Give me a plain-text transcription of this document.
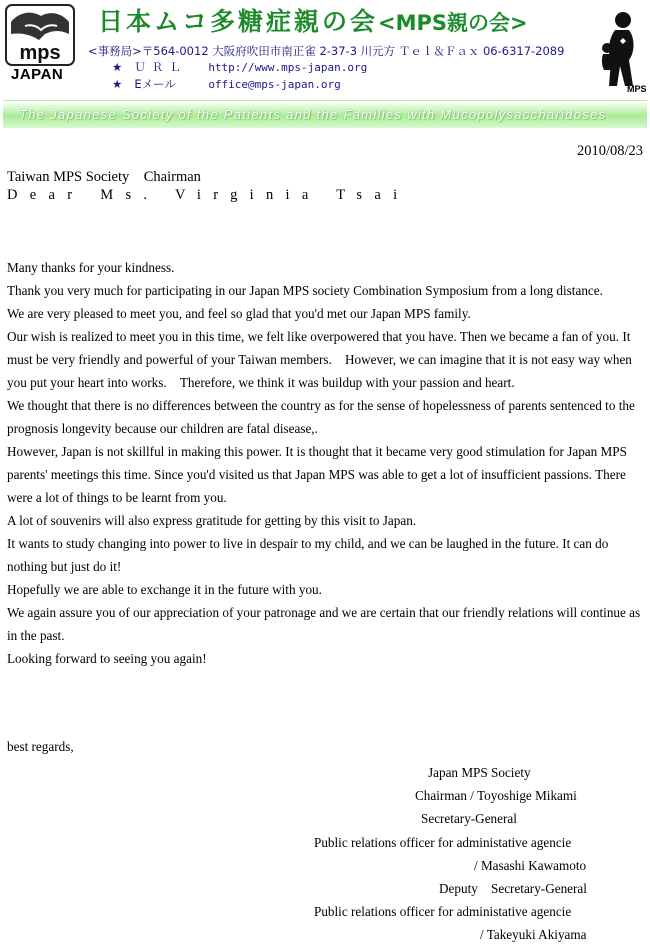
mps
JAPAN
日本ムコ多糖症親の会<MPS親の会>
<事務局>〒564-0012 大阪府吹田市南正雀 2-37-3 川元方 Ｔｅｌ＆Ｆａｘ 06-6317-2089
★ ＵＲＬ http://www.mps-japan.org
★ Eメール	office@mps-japan.org	MPS
The Japanese Society of the Patients and the Families with Mucopolysaccharidoses
2010/08/23
Taiwan MPS Society　Chairman
Dear Ms. Virginia Tsai

Many thanks for your kindness.

Thank you very much for participating in our Japan MPS society Combination Symposium from a long distance.

We are very pleased to meet you, and feel so glad that you'd met our Japan MPS family.

Our wish is realized to meet you in this time, we felt like overpowered that you have. Then we became a fan of you. It must be very friendly and powerful of your Taiwan members.　However, we can imagine that it is not easy way when you put your heart into works.　Therefore, we think it was buildup with your passion and heart.

We thought that there is no differences between the country as for the sense of hopelessness of parents sentenced to the prognosis longevity because our children are fatal disease,.

However, Japan is not skillful in making this power. It is thought that it became very good stimulation for Japan MPS parents' meetings this time. Since you'd visited us that Japan MPS was able to get a lot of insufficient passions. There were a lot of things to be learnt from you.

A lot of souvenirs will also express gratitude for getting by this visit to Japan.

It wants to study changing into power to live in despair to my child, and we can be laughed in the future. It can do nothing but just do it!

Hopefully we are able to exchange it in the future with you.

We again assure you of our appreciation of your patronage and we are certain that our friendly relations will continue as in the past.

Looking forward to seeing you again!

best regards,
Japan MPS Society
Chairman / Toyoshige Mikami
Secretary-General
Public relations officer for administative agencie
/ Masashi Kawamoto
Deputy　Secretary-General
Public relations officer for administative agencie
/ Takeyuki Akiyama
